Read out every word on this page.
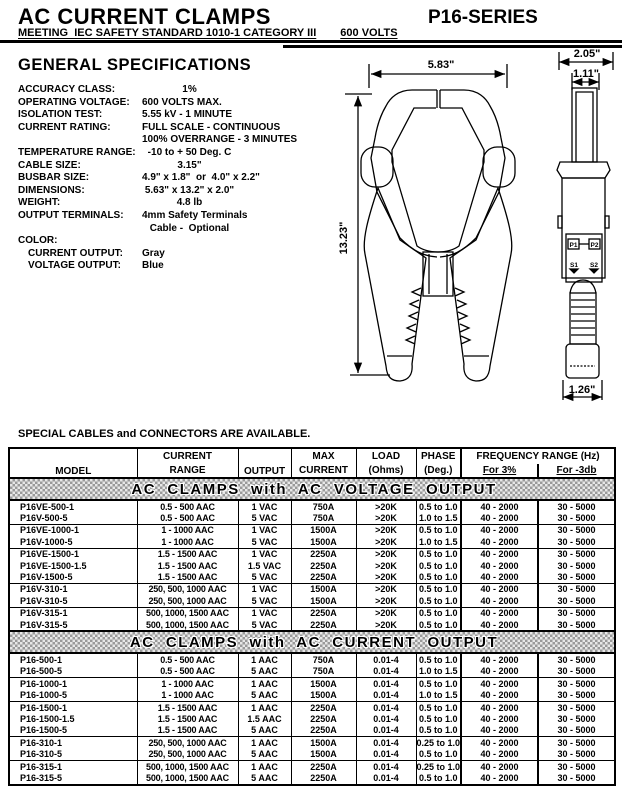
AC CURRENT CLAMPS	P16-SERIES
MEETING  IEC SAFETY STANDARD 1010-1 CATEGORY III 600 VOLTS
GENERAL SPECIFICATIONS
ACCURACY CLASS:	1%
OPERATING VOLTAGE:	600 VOLTS MAX.
ISOLATION TEST:	5.55 kV - 1 MINUTE
CURRENT RATING:	FULL SCALE - CONTINUOUS
100% OVERRANGE - 3 MINUTES
TEMPERATURE RANGE:	-10 to + 50 Deg. C
CABLE SIZE:	3.15"
BUSBAR SIZE:	4.9" x 1.8"  or  4.0" x 2.2"
DIMENSIONS:	5.63" x 13.2" x 2.0"
WEIGHT:	4.8 lb
OUTPUT TERMINALS:	4mm Safety Terminals
Cable -  Optional
COLOR:
CURRENT OUTPUT:	Gray
VOLTAGE OUTPUT:	Blue
5.83"
13.23"
2.05"
1.11"
1.26"
P1 P2
S1 S2
SPECIAL CABLES and CONNECTORS ARE AVAILABLE.
MODEL	CURRENT	OUTPUT	MAX	LOAD	PHASE	FREQUENCY RANGE (Hz)	
	RANGE		CURRENT	(Ohms)	(Deg.)	For 3%	For -3db
AC  CLAMPS  with  AC  VOLTAGE  OUTPUT							
P16VE-500-1	0.5 - 500 AAC	1 VAC	750A	>20K	0.5 to 1.0	40 - 2000	30 - 5000
P16V-500-5	0.5 - 500 AAC	5 VAC	750A	>20K	1.0 to 1.5	40 - 2000	30 - 5000
P16VE-1000-1	1 - 1000 AAC	1 VAC	1500A	>20K	0.5 to 1.0	40 - 2000	30 - 5000
P16V-1000-5	1 - 1000 AAC	5 VAC	1500A	>20K	1.0 to 1.5	40 - 2000	30 - 5000
P16VE-1500-1	1.5 - 1500 AAC	1 VAC	2250A	>20K	0.5 to 1.0	40 - 2000	30 - 5000
P16VE-1500-1.5	1.5 - 1500 AAC	1.5 VAC	2250A	>20K	0.5 to 1.0	40 - 2000	30 - 5000
P16V-1500-5	1.5 - 1500 AAC	5 VAC	2250A	>20K	0.5 to 1.0	40 - 2000	30 - 5000
P16V-310-1	250, 500, 1000 AAC	1 VAC	1500A	>20K	0.5 to 1.0	40 - 2000	30 - 5000
P16V-310-5	250, 500, 1000 AAC	5 VAC	1500A	>20K	0.5 to 1.0	40 - 2000	30 - 5000
P16V-315-1	500, 1000, 1500 AAC	1 VAC	2250A	>20K	0.5 to 1.0	40 - 2000	30 - 5000
P16V-315-5	500, 1000, 1500 AAC	5 VAC	2250A	>20K	0.5 to 1.0	40 - 2000	30 - 5000
AC  CLAMPS  with  AC  CURRENT  OUTPUT							
P16-500-1	0.5 - 500 AAC	1 AAC	750A	0.01-4	0.5 to 1.0	40 - 2000	30 - 5000
P16-500-5	0.5 - 500 AAC	5 AAC	750A	0.01-4	1.0 to 1.5	40 - 2000	30 - 5000
P16-1000-1	1 - 1000 AAC	1 AAC	1500A	0.01-4	0.5 to 1.0	40 - 2000	30 - 5000
P16-1000-5	1 - 1000 AAC	5 AAC	1500A	0.01-4	1.0 to 1.5	40 - 2000	30 - 5000
P16-1500-1	1.5 - 1500 AAC	1 AAC	2250A	0.01-4	0.5 to 1.0	40 - 2000	30 - 5000
P16-1500-1.5	1.5 - 1500 AAC	1.5 AAC	2250A	0.01-4	0.5 to 1.0	40 - 2000	30 - 5000
P16-1500-5	1.5 - 1500 AAC	5 AAC	2250A	0.01-4	0.5 to 1.0	40 - 2000	30 - 5000
P16-310-1	250, 500, 1000 AAC	1 AAC	1500A	0.01-4	0.25 to 1.0	40 - 2000	30 - 5000
P16-310-5	250, 500, 1000 AAC	5 AAC	1500A	0.01-4	0.5 to 1.0	40 - 2000	30 - 5000
P16-315-1	500, 1000, 1500 AAC	1 AAC	2250A	0.01-4	0.25 to 1.0	40 - 2000	30 - 5000
P16-315-5	500, 1000, 1500 AAC	5 AAC	2250A	0.01-4	0.5 to 1.0	40 - 2000	30 - 5000
